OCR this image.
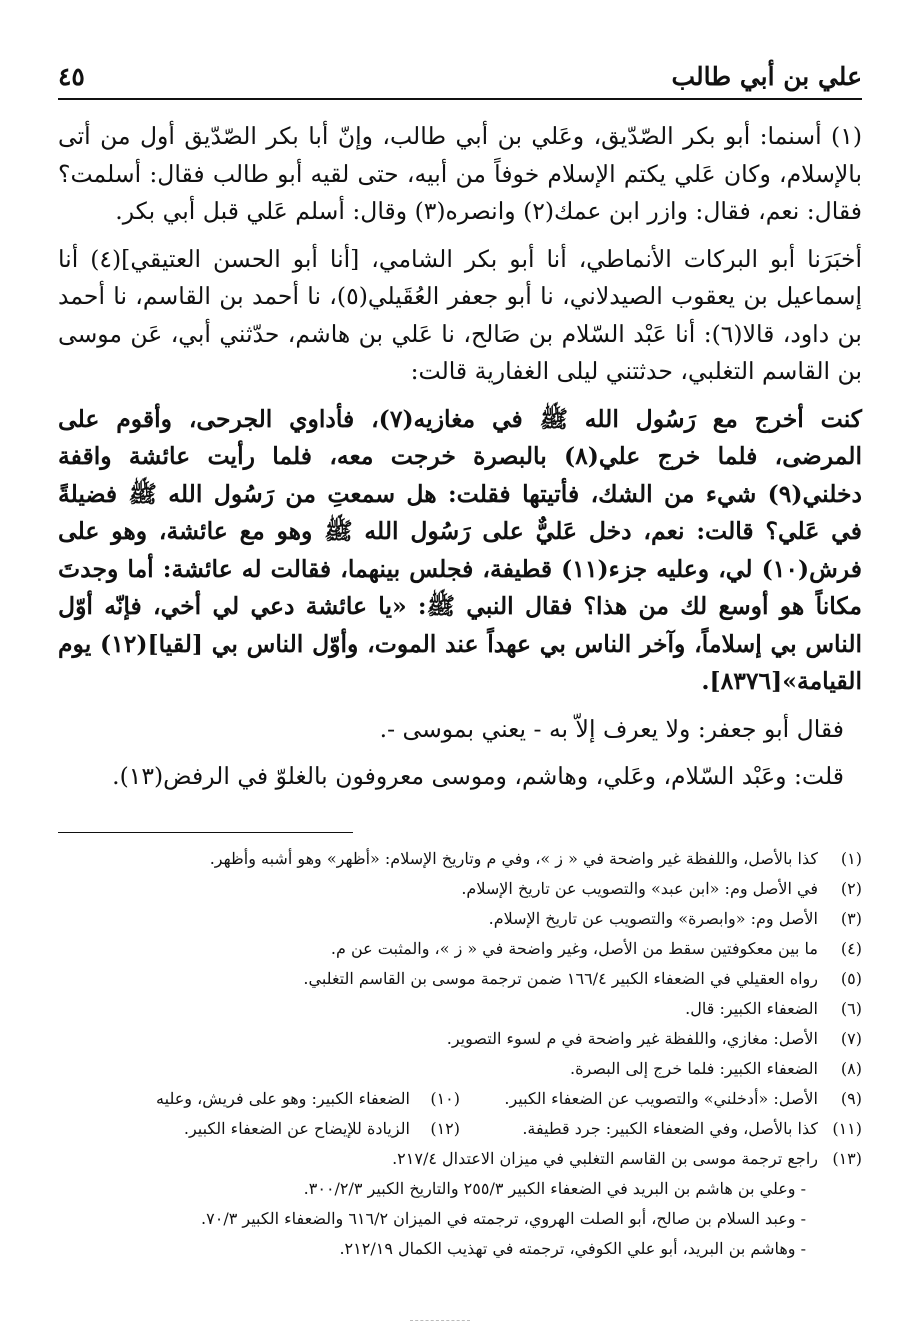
علي بن أبي طالب
٤٥

(١) أسنما: أبو بكر الصّدّيق، وعَلي بن أبي طالب، وإنّ أبا بكر الصّدّيق أول من أتى بالإسلام، وكان عَلي يكتم الإسلام خوفاً من أبيه، حتى لقيه أبو طالب فقال: أسلمت؟ فقال: نعم، فقال: وازر ابن عمك(٢) وانصره(٣) وقال: أسلم عَلي قبل أبي بكر.

أخبَرَنا أبو البركات الأنماطي، أنا أبو بكر الشامي، [أنا أبو الحسن العتيقي](٤) أنا إسماعيل بن يعقوب الصيدلاني، نا أبو جعفر العُقَيلي(٥)، نا أحمد بن القاسم، نا أحمد بن داود، قالا(٦): أنا عَبْد السّلام بن صَالح، نا عَلي بن هاشم، حدّثني أبي، عَن موسى بن القاسم التغلبي، حدثتني ليلى الغفارية قالت:

كنت أخرج مع رَسُول الله ﷺ في مغازيه(٧)، فأداوي الجرحى، وأقوم على المرضى، فلما خرج علي(٨) بالبصرة خرجت معه، فلما رأيت عائشة واقفة دخلني(٩) شيء من الشك، فأتيتها فقلت: هل سمعتِ من رَسُول الله ﷺ فضيلةً في عَلي؟ قالت: نعم، دخل عَليٌّ على رَسُول الله ﷺ وهو مع عائشة، وهو على فرش(١٠) لي، وعليه جزء(١١) قطيفة، فجلس بينهما، فقالت له عائشة: أما وجدتَ مكاناً هو أوسع لك من هذا؟ فقال النبي ﷺ: «يا عائشة دعي لي أخي، فإنّه أوّل الناس بي إسلاماً، وآخر الناس بي عهداً عند الموت، وأوّل الناس بي [لقيا](١٢) يوم القيامة»[٨٣٧٦].

فقال أبو جعفر: ولا يعرف إلاّ به - يعني بموسى -.

قلت: وعَبْد السّلام، وعَلي، وهاشم، وموسى معروفون بالغلوّ في الرفض(١٣).

(١)
كذا بالأصل، واللفظة غير واضحة في « ز »، وفي م وتاريخ الإسلام: «أظهر» وهو أشبه وأظهر.
(٢)
في الأصل وم: «ابن عبد» والتصويب عن تاريخ الإسلام.
(٣)
الأصل وم: «وابصرة» والتصويب عن تاريخ الإسلام.
(٤)
ما بين معكوفتين سقط من الأصل، وغير واضحة في « ز »، والمثبت عن م.
(٥)
رواه العقيلي في الضعفاء الكبير ١٦٦/٤ ضمن ترجمة موسى بن القاسم التغلبي.
(٦)
الضعفاء الكبير: قال.
(٧)
الأصل: مغازي، واللفظة غير واضحة في م لسوء التصوير.
(٨)
الضعفاء الكبير: فلما خرج إلى البصرة.
(٩)
الأصل: «أدخلني» والتصويب عن الضعفاء الكبير.
(١٠)
الضعفاء الكبير: وهو على فريش، وعليه
(١١)
كذا بالأصل، وفي الضعفاء الكبير: جرد قطيفة.
(١٢)
الزيادة للإيضاح عن الضعفاء الكبير.
(١٣)
راجع ترجمة موسى بن القاسم التغلبي في ميزان الاعتدال ٢١٧/٤.
- وعلي بن هاشم بن البريد في الضعفاء الكبير ٢٥٥/٣ والتاريخ الكبير ٣٠٠/٢/٣.
- وعبد السلام بن صالح، أبو الصلت الهروي، ترجمته في الميزان ٦١٦/٢ والضعفاء الكبير ٧٠/٣.
- وهاشم بن البريد، أبو علي الكوفي، ترجمته في تهذيب الكمال ٢١٢/١٩.
